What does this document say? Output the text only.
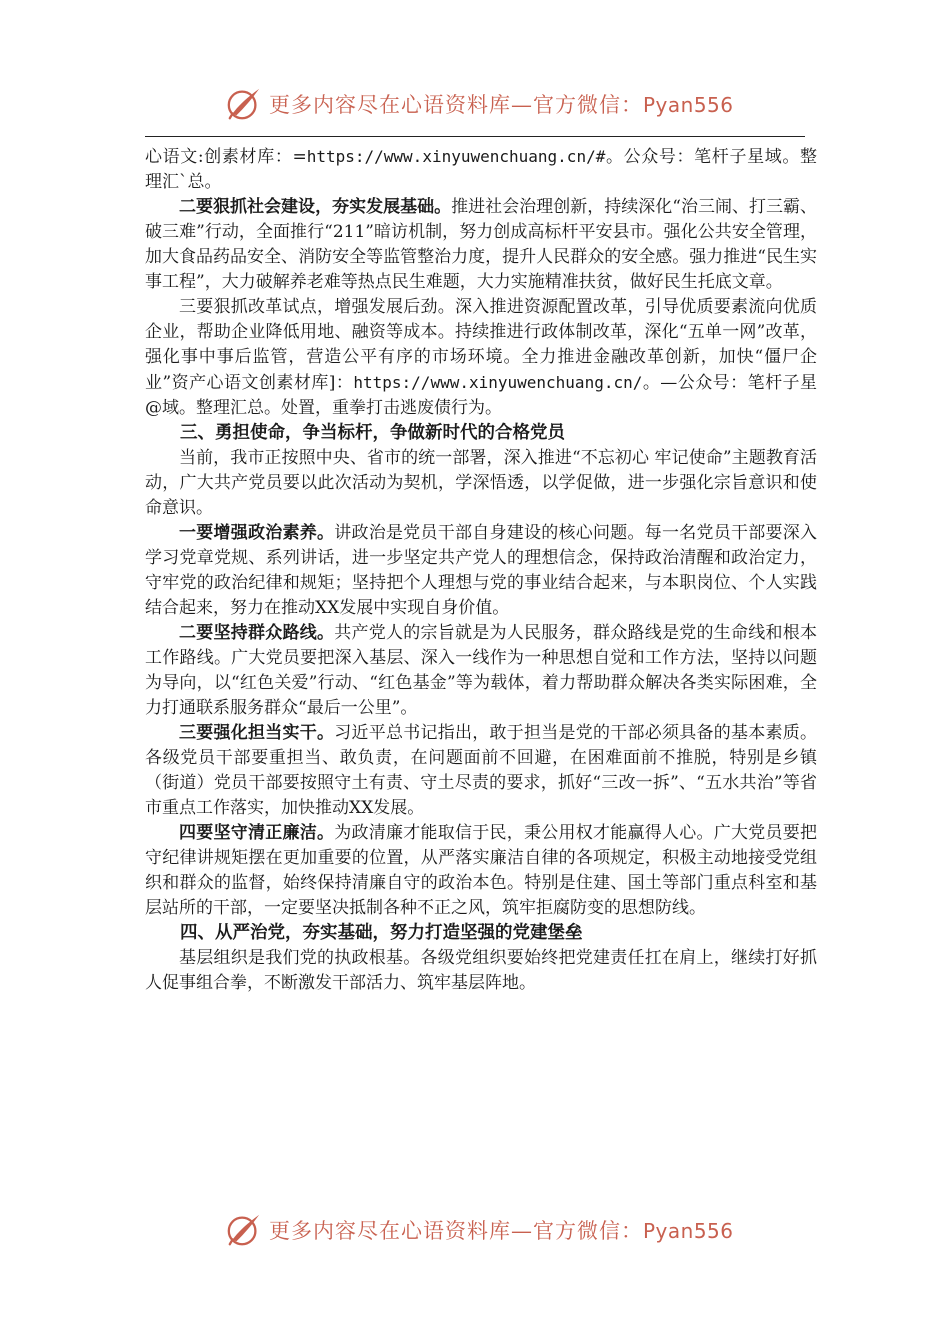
更多内容尽在心语资料库—官方微信：Pyan556

心语文:创素材库：=https://www.xinyuwenchuang.cn/#。公众号：笔杆子星域。整理汇`总。

二要狠抓社会建设，夯实发展基础。推进社会治理创新，持续深化“治三闹、打三霸、破三难”行动，全面推行“211”暗访机制，努力创成高标杆平安县市。强化公共安全管理，加大食品药品安全、消防安全等监管整治力度，提升人民群众的安全感。强力推进“民生实事工程”，大力破解养老难等热点民生难题，大力实施精准扶贫，做好民生托底文章。

三要狠抓改革试点，增强发展后劲。深入推进资源配置改革，引导优质要素流向优质企业，帮助企业降低用地、融资等成本。持续推进行政体制改革，深化“五单一网”改革，强化事中事后监管，营造公平有序的市场环境。全力推进金融改革创新，加快“僵尸企业”资产心语文创素材库]：https://www.xinyuwenchuang.cn/。—公众号：笔杆子星@域。整理汇总。处置，重拳打击逃废债行为。

三、勇担使命，争当标杆，争做新时代的合格党员

当前，我市正按照中央、省市的统一部署，深入推进“不忘初心 牢记使命”主题教育活动，广大共产党员要以此次活动为契机，学深悟透，以学促做，进一步强化宗旨意识和使命意识。

一要增强政治素养。讲政治是党员干部自身建设的核心问题。每一名党员干部要深入学习党章党规、系列讲话，进一步坚定共产党人的理想信念，保持政治清醒和政治定力，守牢党的政治纪律和规矩；坚持把个人理想与党的事业结合起来，与本职岗位、个人实践结合起来，努力在推动XX发展中实现自身价值。

二要坚持群众路线。共产党人的宗旨就是为人民服务，群众路线是党的生命线和根本工作路线。广大党员要把深入基层、深入一线作为一种思想自觉和工作方法，坚持以问题为导向，以“红色关爱”行动、“红色基金”等为载体，着力帮助群众解决各类实际困难，全力打通联系服务群众“最后一公里”。

三要强化担当实干。习近平总书记指出，敢于担当是党的干部必须具备的基本素质。各级党员干部要重担当、敢负责，在问题面前不回避，在困难面前不推脱，特别是乡镇（街道）党员干部要按照守土有责、守土尽责的要求，抓好“三改一拆”、“五水共治”等省市重点工作落实，加快推动XX发展。

四要坚守清正廉洁。为政清廉才能取信于民，秉公用权才能赢得人心。广大党员要把守纪律讲规矩摆在更加重要的位置，从严落实廉洁自律的各项规定，积极主动地接受党组织和群众的监督，始终保持清廉自守的政治本色。特别是住建、国土等部门重点科室和基层站所的干部，一定要坚决抵制各种不正之风，筑牢拒腐防变的思想防线。

四、从严治党，夯实基础，努力打造坚强的党建堡垒

基层组织是我们党的执政根基。各级党组织要始终把党建责任扛在肩上，继续打好抓人促事组合拳，不断激发干部活力、筑牢基层阵地。

更多内容尽在心语资料库—官方微信：Pyan556
